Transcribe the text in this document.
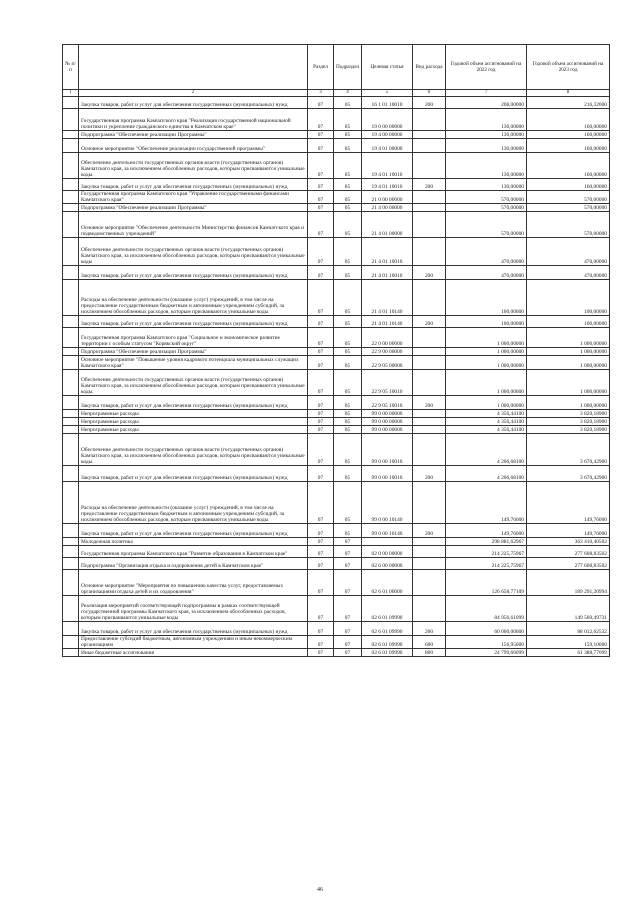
№ п/п		Раздел	Подраздел	Целевая статья	Вид расхода	Годовой объем ассигнований на 2022 год	Годовой объем ассигнований на 2023 год
1	2	3	4	5	6	7	8
	Закупка товаров, работ и услуг для обеспечения государственных (муниципальных) нужд	07	05	16 1 01 10010	200	208,00000	216,32000
	Государственная программа Камчатского края "Реализация государственной национальной политики и укрепление гражданского единства в Камчатском крае"	07	05	19 0 00 00000		130,00000	160,00000
	Подпрограмма "Обеспечение реализации Программы"	07	05	19 4 00 00000		130,00000	160,00000
	Основное мероприятие "Обеспечение реализации государственной программы"	07	05	19 4 01 00000		130,00000	160,00000
	Обеспечение деятельности государственных органов власти (государственных органов) Камчатского края, за исключением обособленных расходов, которым присваиваются уникальные коды.	07	05	19 4 01 10010		130,00000	160,00000
	Закупка товаров, работ и услуг для обеспечения государственных (муниципальных) нужд	07	05	19 4 01 10010	200	130,00000	160,00000
	Государственная программа Камчатского края "Управление государственными финансами Камчатского края"	07	05	21 0 00 00000		570,00000	570,00000
	Подпрограмма "Обеспечение реализации Программы"	07	05	21 4 00 00000		570,00000	570,00000
	Основное мероприятие "Обеспечение деятельности Министерства финансов Камчатского края и подведомственных учреждений"	07	05	21 4 01 00000		570,00000	570,00000
	Обеспечение деятельности государственных органов власти (государственных органов) Камчатского края, за исключением обособленных расходов, которым присваиваются уникальные коды	07	05	21 4 01 10010		470,00000	470,00000
	Закупка товаров, работ и услуг для обеспечения государственных (муниципальных) нужд	07	05	21 4 01 10010	200	470,00000	470,00000
	Расходы на обеспечение деятельности (оказание услуг) учреждений, в том числе на предоставление государственным бюджетным и автономным учреждениям субсидий, за исключением обособленных расходов, которым присваиваются уникальные коды	07	05	21 4 01 10140		100,00000	100,00000
	Закупка товаров, работ и услуг для обеспечения государственных (муниципальных) нужд	07	05	21 4 01 10140	200	100,00000	100,00000
	Государственная программа Камчатского края "Социальное и экономическое развитие территории с особым статусом "Корякский округ"	07	05	22 0 00 00000		1 000,00000	1 000,00000
	Подпрограмма "Обеспечение реализации Программы"	07	05	22 9 00 00000		1 000,00000	1 000,00000
	Основное мероприятие "Повышение уровня кадрового потенциала муниципальных служащих Камчатского края"	07	05	22 9 05 00000		1 000,00000	1 000,00000
	Обеспечение деятельности государственных органов власти (государственных органов) Камчатского края, за исключением обособленных расходов, которым присваиваются уникальные коды.	07	05	22 9 05 10010		1 000,00000	1 000,00000
	Закупка товаров, работ и услуг для обеспечения государственных (муниципальных) нужд	07	05	22 9 05 10010	200	1 000,00000	1 000,00000
	Непрограммные расходы	07	05	99 0 00 00000		4 356,44100	3 820,18900
	Непрограммные расходы	07	05	99 0 00 00000		4 356,44100	3 820,18900
	Непрограммные расходы	07	05	99 0 00 00000		4 356,44100	3 820,18900
	Обеспечение деятельности государственных органов власти (государственных органов) Камчатского края, за исключением обособленных расходов, которым присваиваются уникальные коды.	07	05	99 0 00 10010		4 206,68100	3 670,42900
	Закупка товаров, работ и услуг для обеспечения государственных (муниципальных) нужд	07	05	99 0 00 10010	200	4 206,68100	3 670,42900
	Расходы на обеспечение деятельности (оказание услуг) учреждений, в том числе на предоставление государственным бюджетным и автономным учреждениям субсидий, за исключением обособленных расходов, которым присваиваются уникальные коды	07	05	99 0 00 10140		149,76000	149,76000
	Закупка товаров, работ и услуг для обеспечения государственных (муниципальных) нужд	07	05	99 0 00 10140	200	149,76000	149,76000
	Молодежная политика	07	07			298 881,62967	363 410,40502
	Государственная программа Камчатского края "Развитие образования в Камчатском крае"	07	07	02 0 00 00000		214 225,75967	277 608,83502
	Подпрограмма "Организация отдыха и оздоровления детей в Камчатском крае"	07	07	02 6 00 00000		214 225,75967	277 608,83502
	Основное мероприятие "Мероприятия по повышению качества услуг, предоставляемых организациями отдыха детей и их оздоровления"	07	07	02 6 01 00000		126 658,77109	189 291,20994
	Реализация мероприятий соответствующей подпрограммы в рамках соответствующей государственной программы Камчатского края, за исключением обособленных расходов, которым присваиваются уникальные коды	07	07	02 6 01 09990		84 956,61099	149 560,49731
	Закупка товаров, работ и услуг для обеспечения государственных (муниципальных) нужд	07	07	02 6 01 09990	200	60 000,00000	88 012,62532
	Предоставление субсидий бюджетным, автономным учреждениям и иным некоммерческим организациям	07	07	02 6 01 09990	600	156,95000	159,10000
	Иные бюджетные ассигнования	07	07	02 6 01 09990	800	24 799,66099	61 388,77099
46
